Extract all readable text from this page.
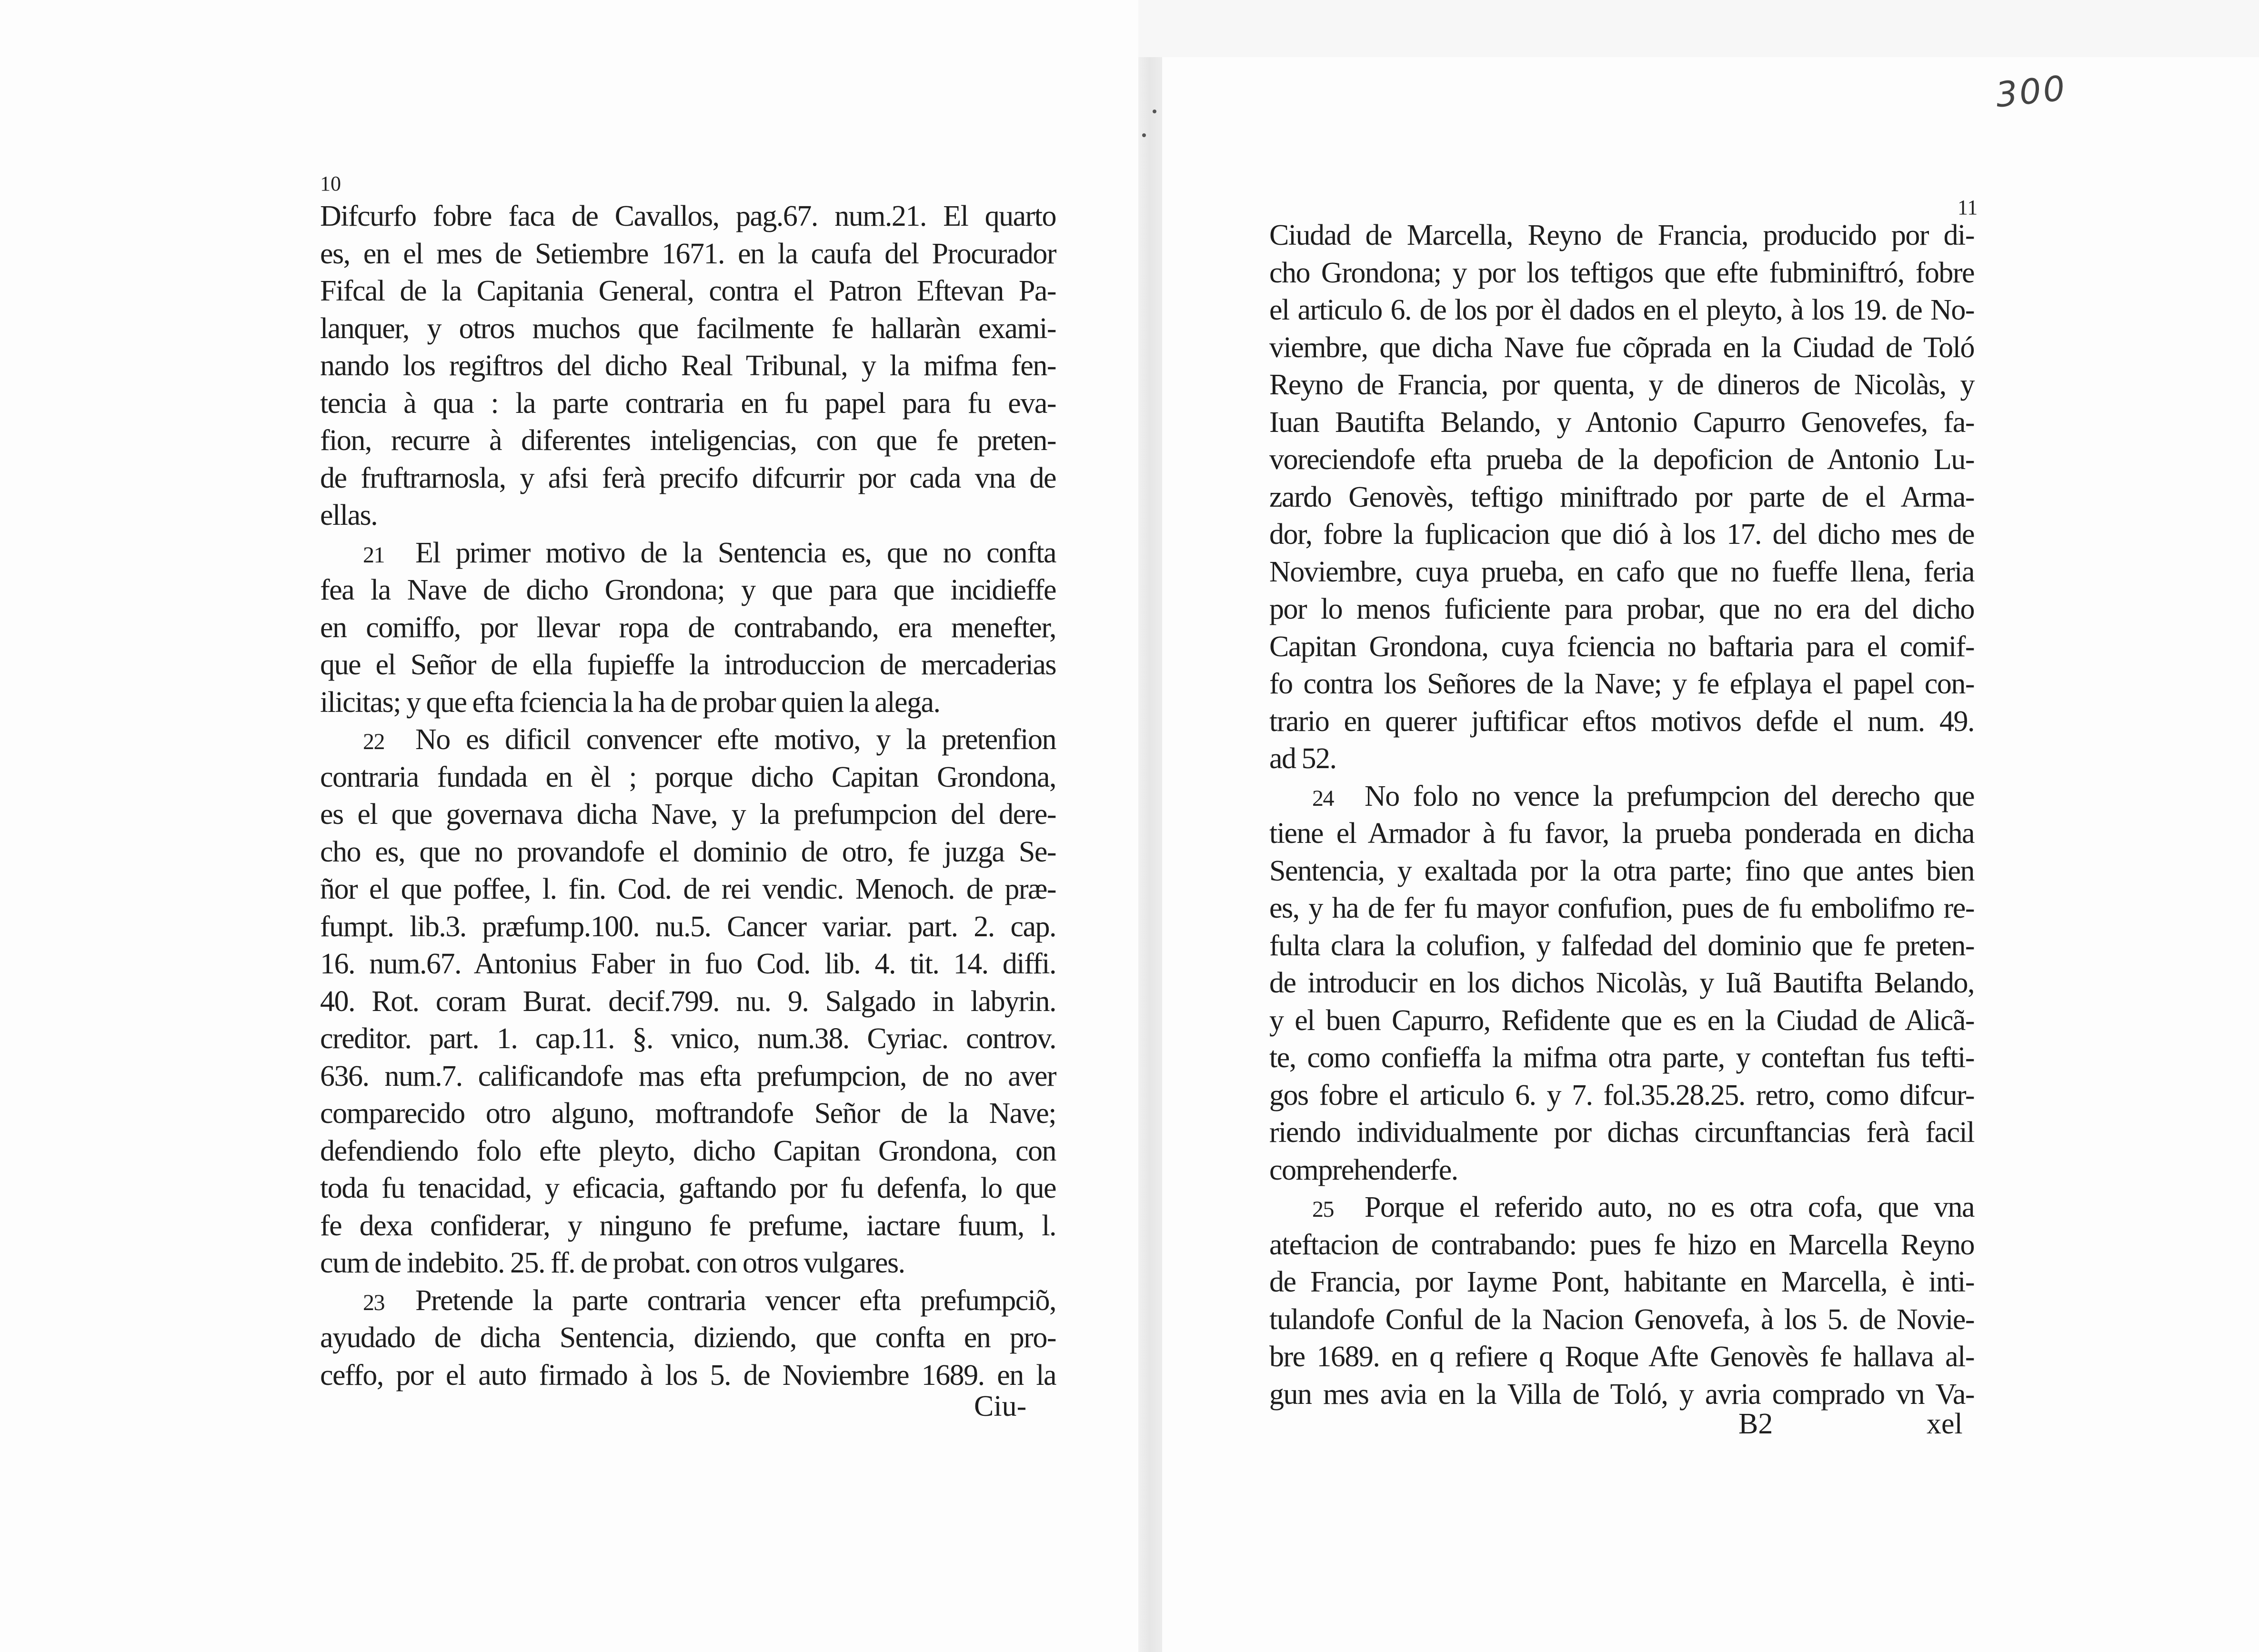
10
Difcurfo fobre faca de Cavallos, pag.67. num.21. El quarto
es, en el mes de Setiembre 1671. en la caufa del Procurador
Fifcal de la Capitania General, contra el Patron Eftevan Pa-
lanquer, y otros muchos que facilmente fe hallaràn exami-
nando los regiftros del dicho Real Tribunal, y la mifma fen-
tencia à qua : la parte contraria en fu papel para fu eva-
fion, recurre à diferentes inteligencias, con que fe preten-
de fruftrarnosla, y afsi ferà precifo difcurrir por cada vna de
ellas.
21 El primer motivo de la Sentencia es, que no confta
fea la Nave de dicho Grondona; y que para que incidieffe
en comiffo, por llevar ropa de contrabando, era menefter,
que el Señor de ella fupieffe la introduccion de mercaderias
ilicitas; y que efta fciencia la ha de probar quien la alega.
22 No es dificil convencer efte motivo, y la pretenfion
contraria fundada en èl ; porque dicho Capitan Grondona,
es el que governava dicha Nave, y la prefumpcion del dere-
cho es, que no provandofe el dominio de otro, fe juzga Se-
ñor el que poffee, l. fin. Cod. de rei vendic. Menoch. de præ-
fumpt. lib.3. præfump.100. nu.5. Cancer variar. part. 2. cap.
16. num.67. Antonius Faber in fuo Cod. lib. 4. tit. 14. diffi.
40. Rot. coram Burat. decif.799. nu. 9. Salgado in labyrin.
creditor. part. 1. cap.11. §. vnico, num.38. Cyriac. controv.
636. num.7. calificandofe mas efta prefumpcion, de no aver
comparecido otro alguno, moftrandofe Señor de la Nave;
defendiendo folo efte pleyto, dicho Capitan Grondona, con
toda fu tenacidad, y eficacia, gaftando por fu defenfa, lo que
fe dexa confiderar, y ninguno fe prefume, iactare fuum, l.
cum de indebito. 25. ff. de probat. con otros vulgares.
23 Pretende la parte contraria vencer efta prefumpciõ,
ayudado de dicha Sentencia, diziendo, que confta en pro-
ceffo, por el auto firmado à los 5. de Noviembre 1689. en la
Ciu-
300
11
Ciudad de Marcella, Reyno de Francia, producido por di-
cho Grondona; y por los teftigos que efte fubminiftró, fobre
el articulo 6. de los por èl dados en el pleyto, à los 19. de No-
viembre, que dicha Nave fue cõprada en la Ciudad de Toló
Reyno de Francia, por quenta, y de dineros de Nicolàs, y
Iuan Bautifta Belando, y Antonio Capurro Genovefes, fa-
voreciendofe efta prueba de la depoficion de Antonio Lu-
zardo Genovès, teftigo miniftrado por parte de el Arma-
dor, fobre la fuplicacion que dió à los 17. del dicho mes de
Noviembre, cuya prueba, en cafo que no fueffe llena, feria
por lo menos fuficiente para probar, que no era del dicho
Capitan Grondona, cuya fciencia no baftaria para el comif-
fo contra los Señores de la Nave; y fe efplaya el papel con-
trario en querer juftificar eftos motivos defde el num. 49.
ad 52.
24 No folo no vence la prefumpcion del derecho que
tiene el Armador à fu favor, la prueba ponderada en dicha
Sentencia, y exaltada por la otra parte; fino que antes bien
es, y ha de fer fu mayor confufion, pues de fu embolifmo re-
fulta clara la colufion, y falfedad del dominio que fe preten-
de introducir en los dichos Nicolàs, y Iuã Bautifta Belando,
y el buen Capurro, Refidente que es en la Ciudad de Alicã-
te, como confieffa la mifma otra parte, y conteftan fus tefti-
gos fobre el articulo 6. y 7. fol.35.28.25. retro, como difcur-
riendo individualmente por dichas circunftancias ferà facil
comprehenderfe.
25 Porque el referido auto, no es otra cofa, que vna
ateftacion de contrabando: pues fe hizo en Marcella Reyno
de Francia, por Iayme Pont, habitante en Marcella, è inti-
tulandofe Conful de la Nacion Genovefa, à los 5. de Novie-
bre 1689. en q refiere q Roque Afte Genovès fe hallava al-
gun mes avia en la Villa de Toló, y avria comprado vn Va-
B2	xel
